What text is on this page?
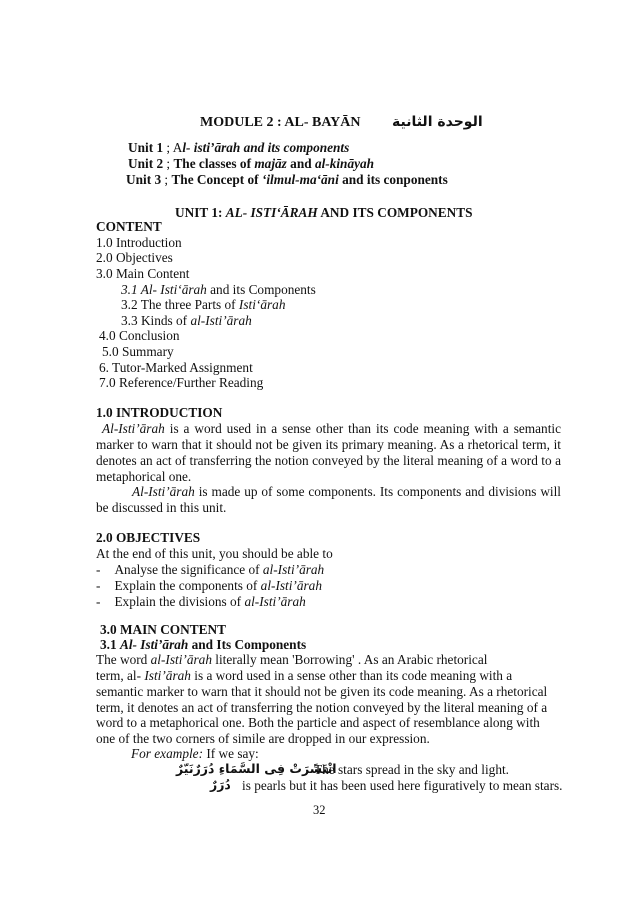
MODULE 2 : AL- BAYĀN الوحدة الثانية
Unit 1 ; Al- isti’ārah and its components
Unit 2 ; The classes of majāz and al-kināyah
Unit 3 ; The Concept of ‘ilmul-ma‘āni and its conponents
UNIT 1: AL- ISTI‘ĀRAH AND ITS COMPONENTS
CONTENT
1.0 Introduction
2.0 Objectives
3.0 Main Content
3.1 Al- Isti‘ārah and its Components
3.2 The three Parts of Isti‘ārah
3.3 Kinds of al-Isti’ārah
4.0 Conclusion
5.0 Summary
6. Tutor-Marked Assignment
7.0 Reference/Further Reading
1.0 INTRODUCTION
Al-Isti’ārah is a word used in a sense other than its code meaning with a semantic marker to warn that it should not be given its primary meaning. As a rhetorical term, it denotes an act of transferring the notion conveyed by the literal meaning of a word to a metaphorical one.
Al-Isti’ārah is made up of some components. Its components and divisions will be discussed in this unit.
2.0 OBJECTIVES
At the end of this unit, you should be able to
- Analyse the significance of al-Isti’ārah
- Explain the components of al-Isti’ārah
- Explain the divisions of al-Isti’ārah
3.0 MAIN CONTENT
3.1 Al- Isti’ārah and Its Components
The word al-Isti’ārah literally mean 'Borrowing' . As an Arabic rhetorical
term, al- Isti’ārah is a word used in a sense other than its code meaning with a
semantic marker to warn that it should not be given its code meaning. As a rhetorical
term, it denotes an act of transferring the notion conveyed by the literal meaning of a
word to a metaphorical one. Both the particle and aspect of resemblance along with
one of the two corners of simile are dropped in our expression.
For example: If we say:
انْتَشَرَتْ فِى السَّمَاءِ دُرَرٌنَيّرٌ
The stars spread in the sky and light.
دُرَرٌ is pearls but it has been used here figuratively to mean stars.
32
